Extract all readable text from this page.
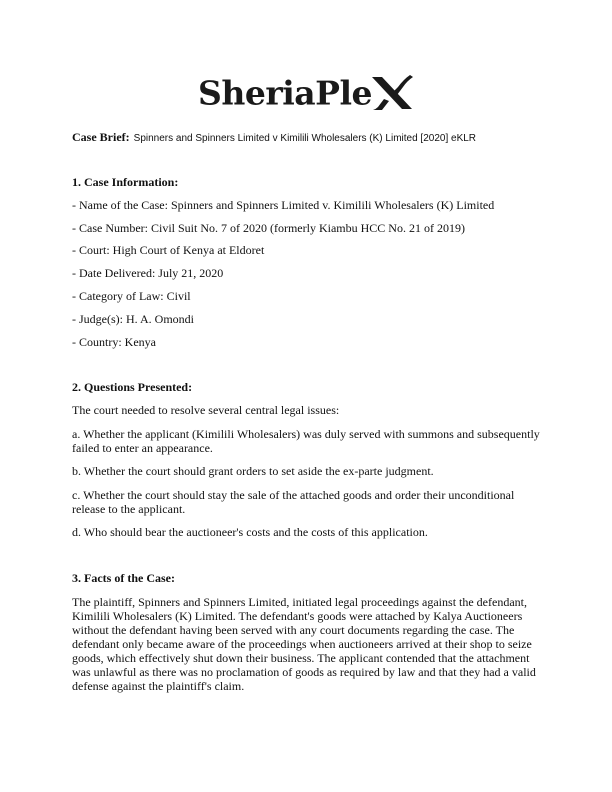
SheriaPle
Case Brief: Spinners and Spinners Limited v Kimilili Wholesalers (K) Limited [2020] eKLR
1. Case Information:
- Name of the Case: Spinners and Spinners Limited v. Kimilili Wholesalers (K) Limited
- Case Number: Civil Suit No. 7 of 2020 (formerly Kiambu HCC No. 21 of 2019)
- Court: High Court of Kenya at Eldoret
- Date Delivered: July 21, 2020
- Category of Law: Civil
- Judge(s): H. A. Omondi
- Country: Kenya
2. Questions Presented:
The court needed to resolve several central legal issues:
a. Whether the applicant (Kimilili Wholesalers) was duly served with summons and subsequently failed to enter an appearance.
b. Whether the court should grant orders to set aside the ex-parte judgment.
c. Whether the court should stay the sale of the attached goods and order their unconditional release to the applicant.
d. Who should bear the auctioneer's costs and the costs of this application.
3. Facts of the Case:
The plaintiff, Spinners and Spinners Limited, initiated legal proceedings against the defendant, Kimilili Wholesalers (K) Limited. The defendant's goods were attached by Kalya Auctioneers without the defendant having been served with any court documents regarding the case. The defendant only became aware of the proceedings when auctioneers arrived at their shop to seize goods, which effectively shut down their business. The applicant contended that the attachment was unlawful as there was no proclamation of goods as required by law and that they had a valid defense against the plaintiff's claim.
